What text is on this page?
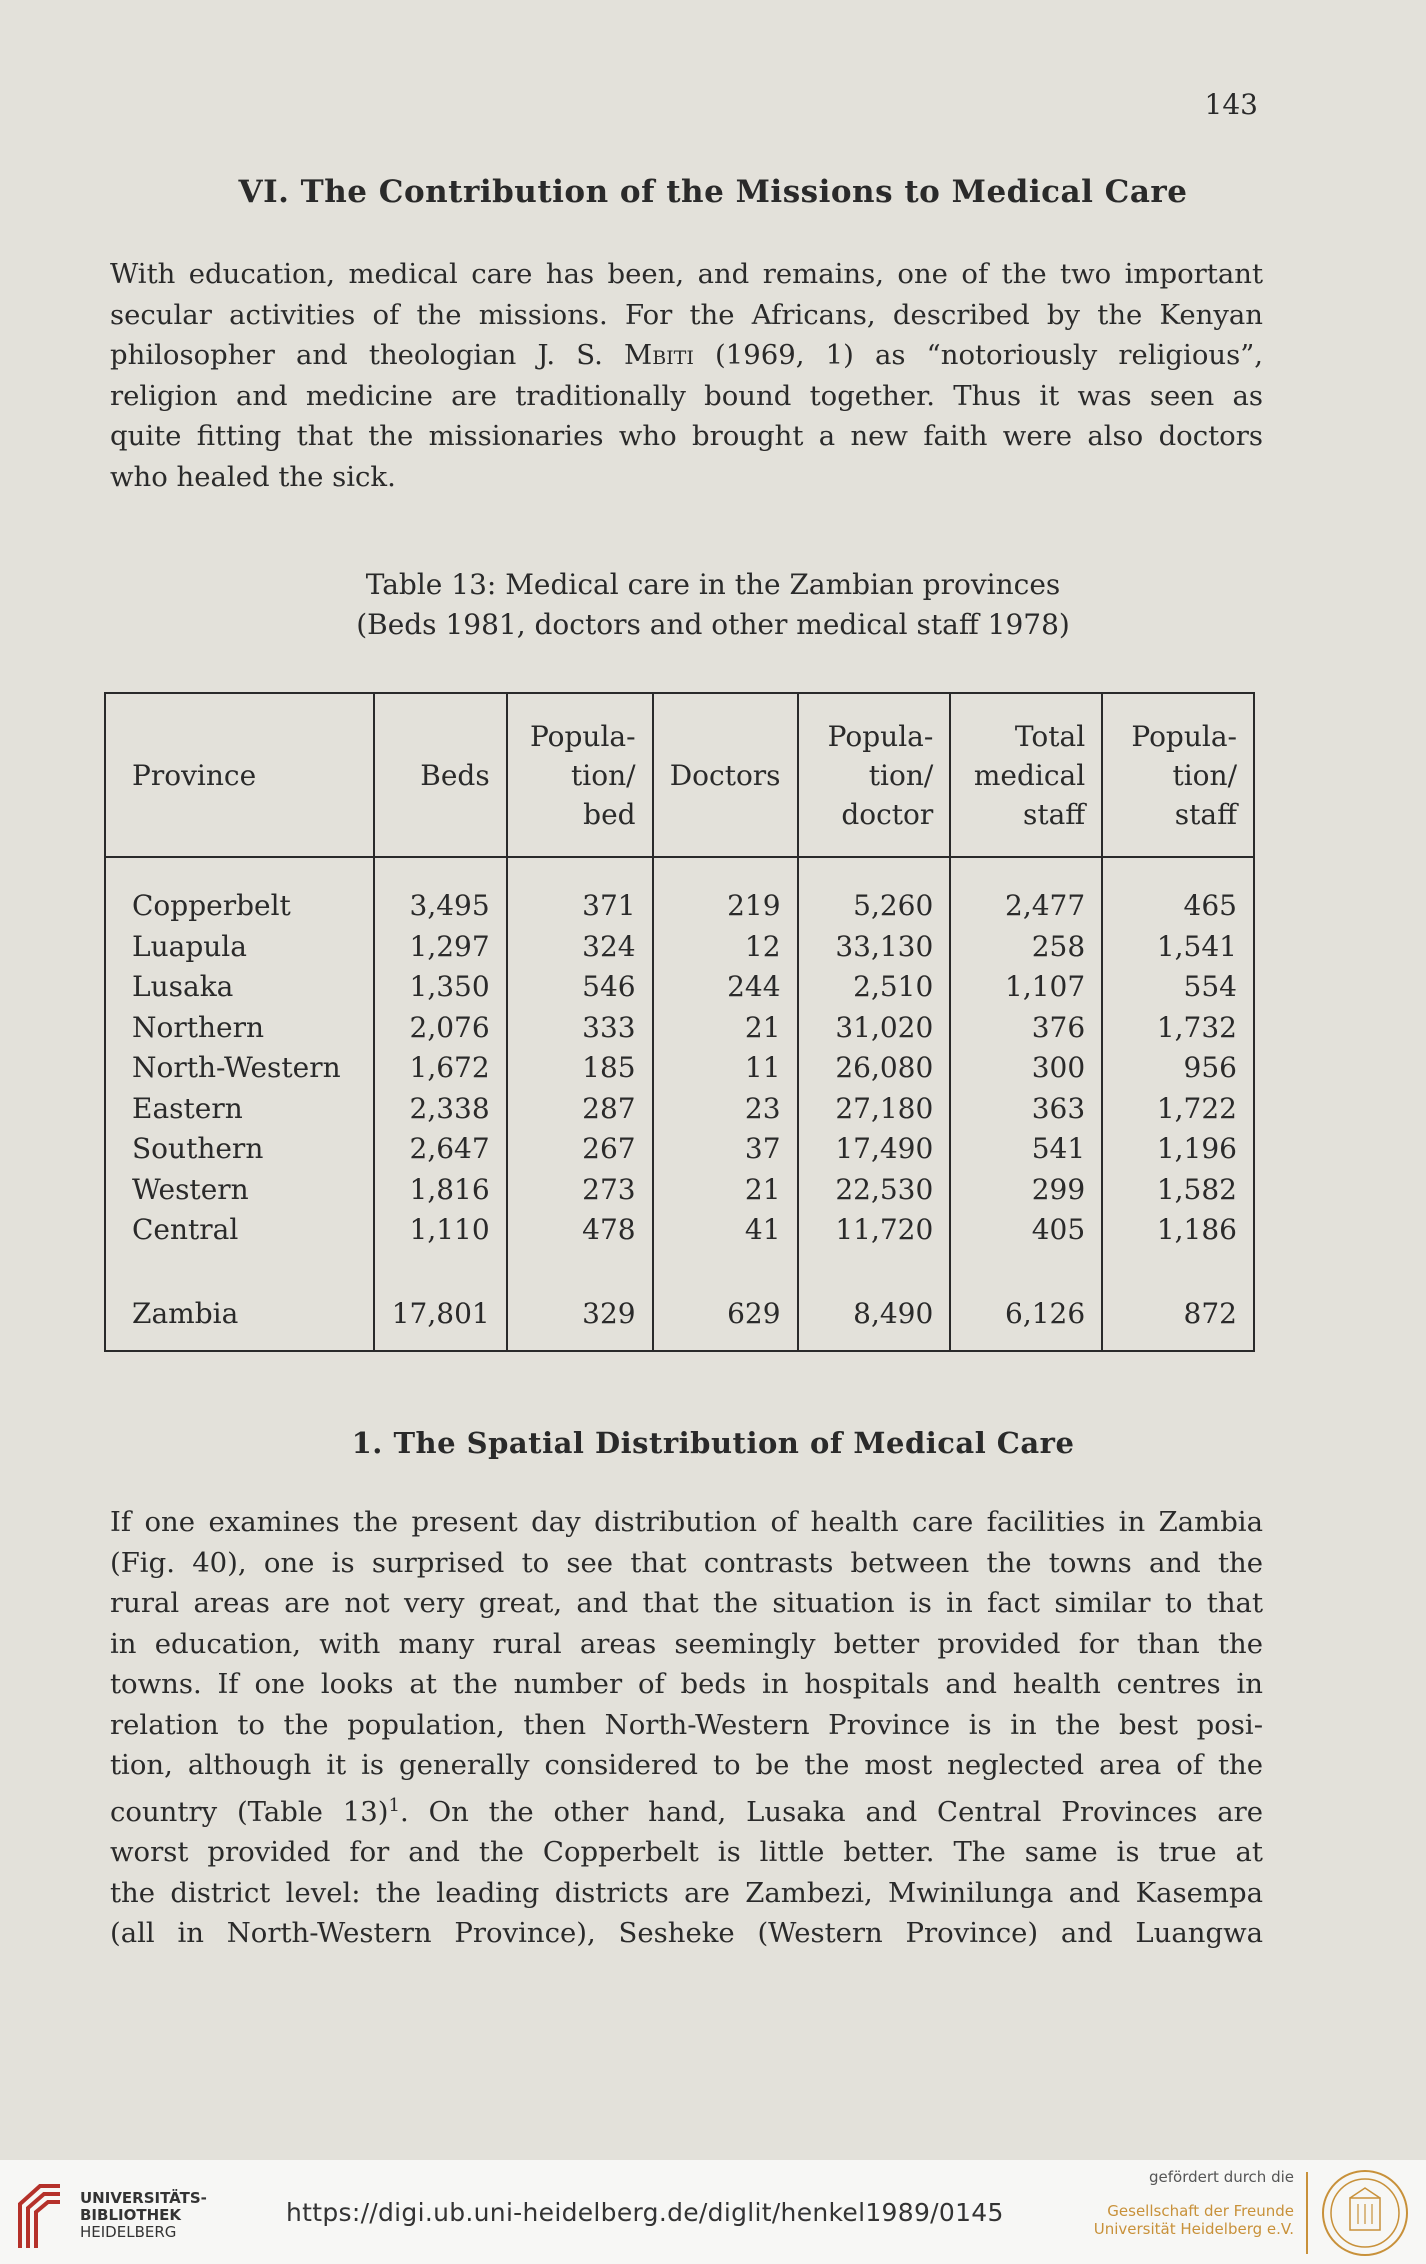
143
VI. The Contribution of the Missions to Medical Care

With education, medical care has been, and remains, one of the two important

secular activities of the missions. For the Africans, described by the Kenyan

philosopher and theologian J. S. Mbiti (1969, 1) as “notoriously religious”,

religion and medicine are traditionally bound together. Thus it was seen as

quite fitting that the missionaries who brought a new faith were also doctors

who healed the sick.

Table 13: Medical care in the Zambian provinces
(Beds 1981, doctors and other medical staff 1978)
Province	Beds	Popula-
tion/
bed	Doctors	Popula-
tion/
doctor	Total
medical
staff	Popula-
tion/
staff
Copperbelt	3,495	371	219	5,260	2,477	465
Luapula	1,297	324	12	33,130	258	1,541
Lusaka	1,350	546	244	2,510	1,107	554
Northern	2,076	333	21	31,020	376	1,732
North-Western	1,672	185	11	26,080	300	956
Eastern	2,338	287	23	27,180	363	1,722
Southern	2,647	267	37	17,490	541	1,196
Western	1,816	273	21	22,530	299	1,582
Central	1,110	478	41	11,720	405	1,186
Zambia	17,801	329	629	8,490	6,126	872
1. The Spatial Distribution of Medical Care

If one examines the present day distribution of health care facilities in Zambia

(Fig. 40), one is surprised to see that contrasts between the towns and the

rural areas are not very great, and that the situation is in fact similar to that

in education, with many rural areas seemingly better provided for than the

towns. If one looks at the number of beds in hospitals and health centres in

relation to the population, then North-Western Province is in the best posi-

tion, although it is generally considered to be the most neglected area of the

country (Table 13)$^1$. On the other hand, Lusaka and Central Provinces are

worst provided for and the Copperbelt is little better. The same is true at

the district level: the leading districts are Zambezi, Mwinilunga and Kasempa

(all in North-Western Province), Sesheke (Western Province) and Luangwa

UNIVERSITÄTS-
BIBLIOTHEK
HEIDELBERG
https://digi.ub.uni-heidelberg.de/diglit/henkel1989/0145
gefördert durch die
Gesellschaft der Freunde
Universität Heidelberg e.V.
